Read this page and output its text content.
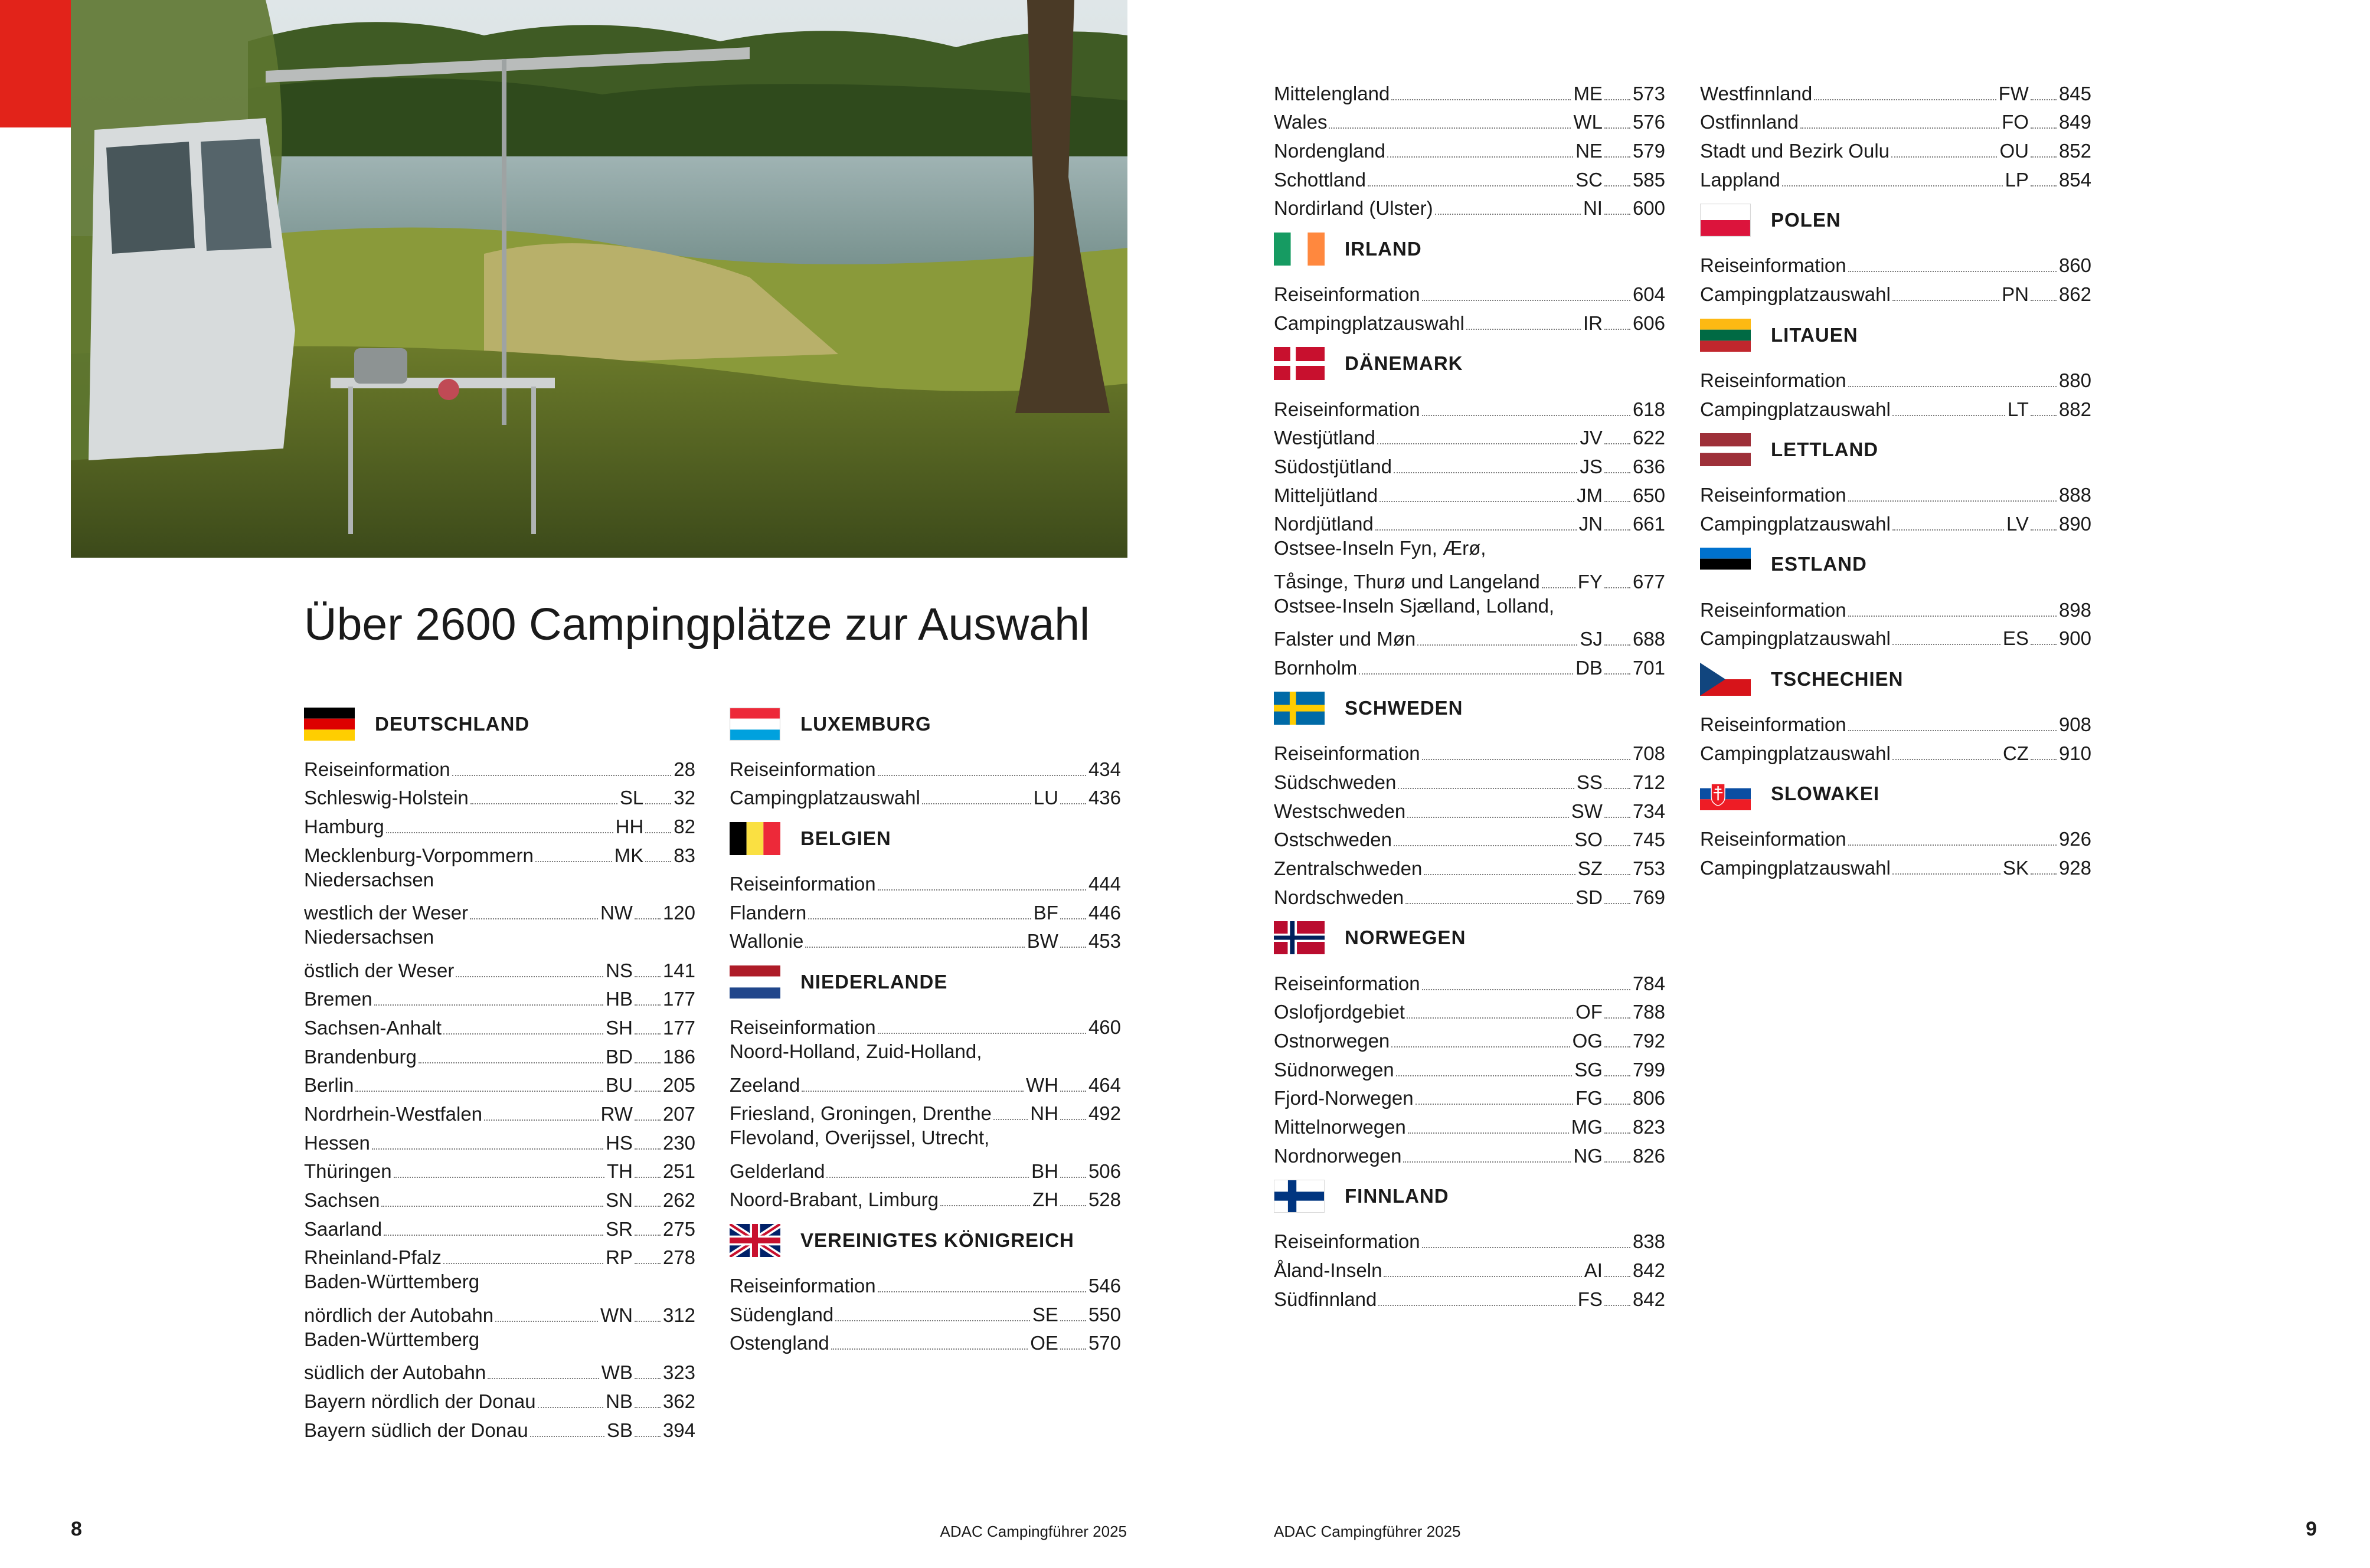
Über 2600 Campingplätze zur Auswahl
DEUTSCHLAND
Reiseinformation	28
Schleswig-Holstein	SL 32
Hamburg	HH 82
Mecklenburg-Vorpommern	MK 83
Niedersachsen
westlich der Weser	NW 120
Niedersachsen
östlich der Weser	NS 141
Bremen	HB 177
Sachsen-Anhalt	SH 177
Brandenburg	BD 186
Berlin	BU 205
Nordrhein-Westfalen	RW 207
Hessen	HS 230
Thüringen	TH 251
Sachsen	SN 262
Saarland	SR 275
Rheinland-Pfalz	RP 278
Baden-Württemberg
nördlich der Autobahn	WN 312
Baden-Württemberg
südlich der Autobahn	WB 323
Bayern nördlich der Donau	NB 362
Bayern südlich der Donau	SB 394
LUXEMBURG
Reiseinformation	434
Campingplatzauswahl	LU 436
BELGIEN
Reiseinformation	444
Flandern	BF 446
Wallonie	BW 453
NIEDERLANDE
Reiseinformation	460
Noord-Holland, Zuid-Holland,
Zeeland	WH 464
Friesland, Groningen, Drenthe NH 492
Flevoland, Overijssel, Utrecht,
Gelderland	BH 506
Noord-Brabant, Limburg	ZH 528
VEREINIGTES KÖNIGREICH
Reiseinformation	546
Südengland	SE 550
Ostengland	OE 570
Mittelengland	ME 573
Wales	WL 576
Nordengland	NE 579
Schottland	SC 585
Nordirland (Ulster)	NI 600
IRLAND
Reiseinformation	604
Campingplatzauswahl	IR 606
DÄNEMARK
Reiseinformation	618
Westjütland	JV 622
Südostjütland	JS 636
Mitteljütland	JM 650
Nordjütland	JN 661
Ostsee-Inseln Fyn, Ærø,
Tåsinge, Thurø und Langeland FY 677
Ostsee-Inseln Sjælland, Lolland,
Falster und Møn	SJ 688
Bornholm	DB 701
SCHWEDEN
Reiseinformation	708
Südschweden	SS 712
Westschweden	SW 734
Ostschweden	SO 745
Zentralschweden	SZ 753
Nordschweden	SD 769
NORWEGEN
Reiseinformation	784
Oslofjordgebiet	OF 788
Ostnorwegen	OG 792
Südnorwegen	SG 799
Fjord-Norwegen	FG 806
Mittelnorwegen	MG 823
Nordnorwegen	NG 826
FINNLAND
Reiseinformation	838
Åland-Inseln	AI 842
Südfinnland	FS 842
Westfinnland	FW 845
Ostfinnland	FO 849
Stadt und Bezirk Oulu	OU 852
Lappland	LP 854
POLEN
Reiseinformation	860
Campingplatzauswahl	PN 862
LITAUEN
Reiseinformation	880
Campingplatzauswahl	LT 882
LETTLAND
Reiseinformation	888
Campingplatzauswahl	LV 890
ESTLAND
Reiseinformation	898
Campingplatzauswahl	ES 900
TSCHECHIEN
Reiseinformation	908
Campingplatzauswahl	CZ 910
SLOWAKEI
Reiseinformation	926
Campingplatzauswahl	SK 928
8	ADAC Campingführer 2025	ADAC Campingführer 2025	9
